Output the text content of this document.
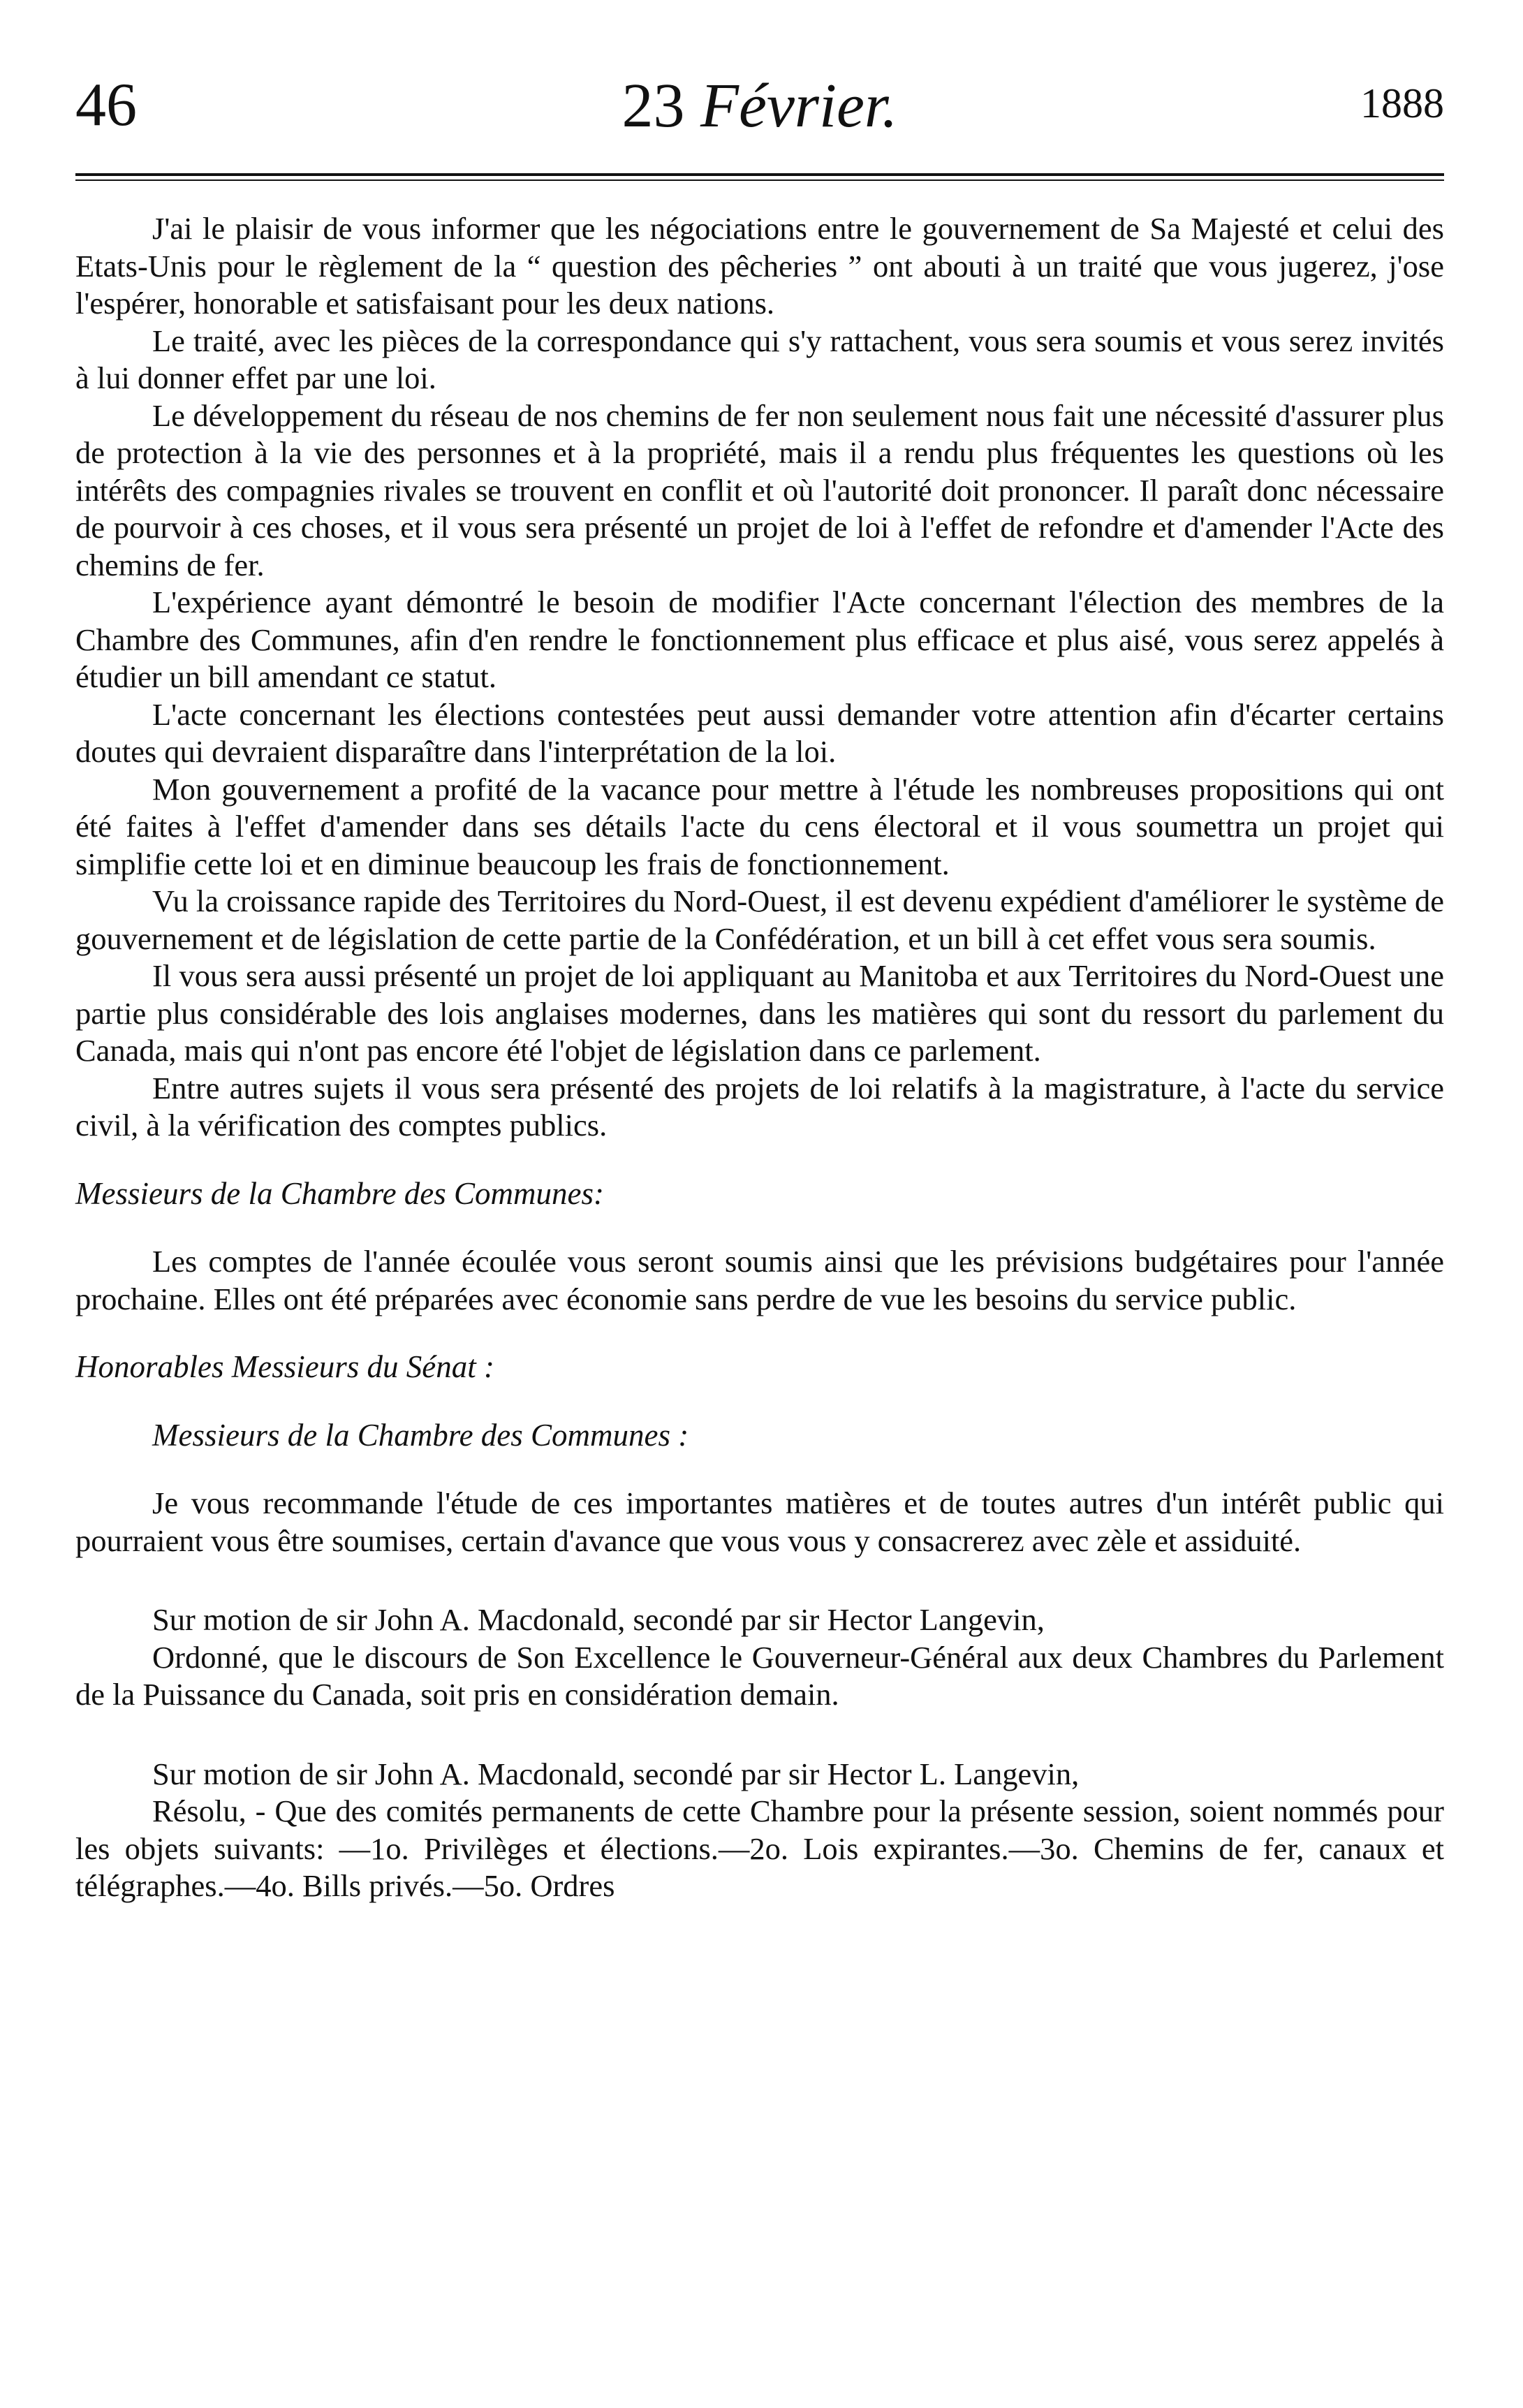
46	23 Février.	1888

J'ai le plaisir de vous informer que les négociations entre le gouvernement de Sa Majesté et celui des Etats-Unis pour le règlement de la “ question des pêcheries ” ont abouti à un traité que vous jugerez, j'ose l'espérer, honorable et satisfaisant pour les deux nations.

Le traité, avec les pièces de la correspondance qui s'y rattachent, vous sera soumis et vous serez invités à lui donner effet par une loi.

Le développement du réseau de nos chemins de fer non seulement nous fait une nécessité d'assurer plus de protection à la vie des personnes et à la propriété, mais il a rendu plus fréquentes les questions où les intérêts des compagnies rivales se trouvent en conflit et où l'autorité doit prononcer. Il paraît donc nécessaire de pourvoir à ces choses, et il vous sera présenté un projet de loi à l'effet de refondre et d'amender l'Acte des chemins de fer.

L'expérience ayant démontré le besoin de modifier l'Acte concernant l'élection des membres de la Chambre des Communes, afin d'en rendre le fonctionnement plus efficace et plus aisé, vous serez appelés à étudier un bill amendant ce statut.

L'acte concernant les élections contestées peut aussi demander votre attention afin d'écarter certains doutes qui devraient disparaître dans l'interprétation de la loi.

Mon gouvernement a profité de la vacance pour mettre à l'étude les nombreuses propositions qui ont été faites à l'effet d'amender dans ses détails l'acte du cens électoral et il vous soumettra un projet qui simplifie cette loi et en diminue beaucoup les frais de fonctionnement.

Vu la croissance rapide des Territoires du Nord-Ouest, il est devenu expédient d'améliorer le système de gouvernement et de législation de cette partie de la Confédération, et un bill à cet effet vous sera soumis.

Il vous sera aussi présenté un projet de loi appliquant au Manitoba et aux Territoires du Nord-Ouest une partie plus considérable des lois anglaises modernes, dans les matières qui sont du ressort du parlement du Canada, mais qui n'ont pas encore été l'objet de législation dans ce parlement.

Entre autres sujets il vous sera présenté des projets de loi relatifs à la magistrature, à l'acte du service civil, à la vérification des comptes publics.

Messieurs de la Chambre des Communes:

Les comptes de l'année écoulée vous seront soumis ainsi que les prévisions budgétaires pour l'année prochaine. Elles ont été préparées avec économie sans perdre de vue les besoins du service public.

Honorables Messieurs du Sénat :
Messieurs de la Chambre des Communes :

Je vous recommande l'étude de ces importantes matières et de toutes autres d'un intérêt public qui pourraient vous être soumises, certain d'avance que vous vous y consacrerez avec zèle et assiduité.

Sur motion de sir John A. Macdonald, secondé par sir Hector Langevin,

Ordonné, que le discours de Son Excellence le Gouverneur-Général aux deux Chambres du Parlement de la Puissance du Canada, soit pris en considération demain.

Sur motion de sir John A. Macdonald, secondé par sir Hector L. Langevin,

Résolu, - Que des comités permanents de cette Chambre pour la présente session, soient nommés pour les objets suivants: —1o. Privilèges et élections.—2o. Lois expirantes.—3o. Chemins de fer, canaux et télégraphes.—4o. Bills privés.—5o. Ordres
